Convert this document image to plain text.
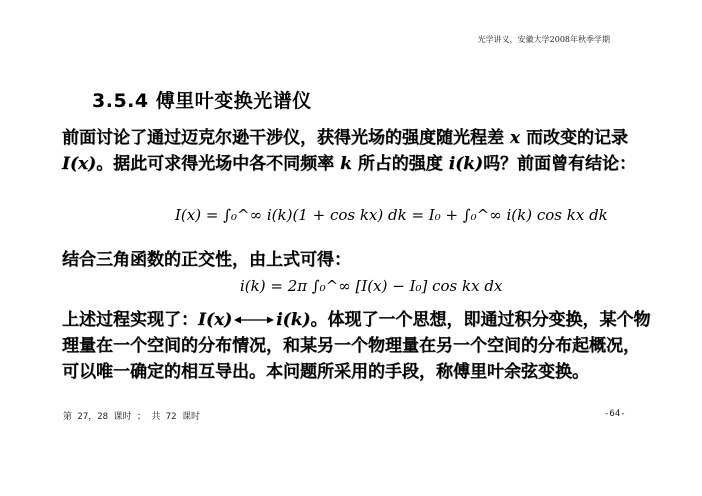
光学讲义，安徽大学2008年秋季学期
3.5.4 傅里叶变换光谱仪
前面讨论了通过迈克尔逊干涉仪，获得光场的强度随光程差 x 而改变的记录 I(x)。据此可求得光场中各不同频率 k 所占的强度 i(k)吗？前面曾有结论：
I(x) = ∫₀^∞ i(k)(1 + cos kx) dk = I₀ + ∫₀^∞ i(k) cos kx dk
结合三角函数的正交性，由上式可得：
i(k) = 2π ∫₀^∞ [I(x) − I₀] cos kx dx
上述过程实现了：I(x)	i(k)。体现了一个思想，即通过积分变换，某个物理量在一个空间的分布情况，和某另一个物理量在另一个空间的分布起概况，可以唯一确定的相互导出。本问题所采用的手段，称傅里叶余弦变换。
第 27，28 课时 ； 共 72 课时	-64-
